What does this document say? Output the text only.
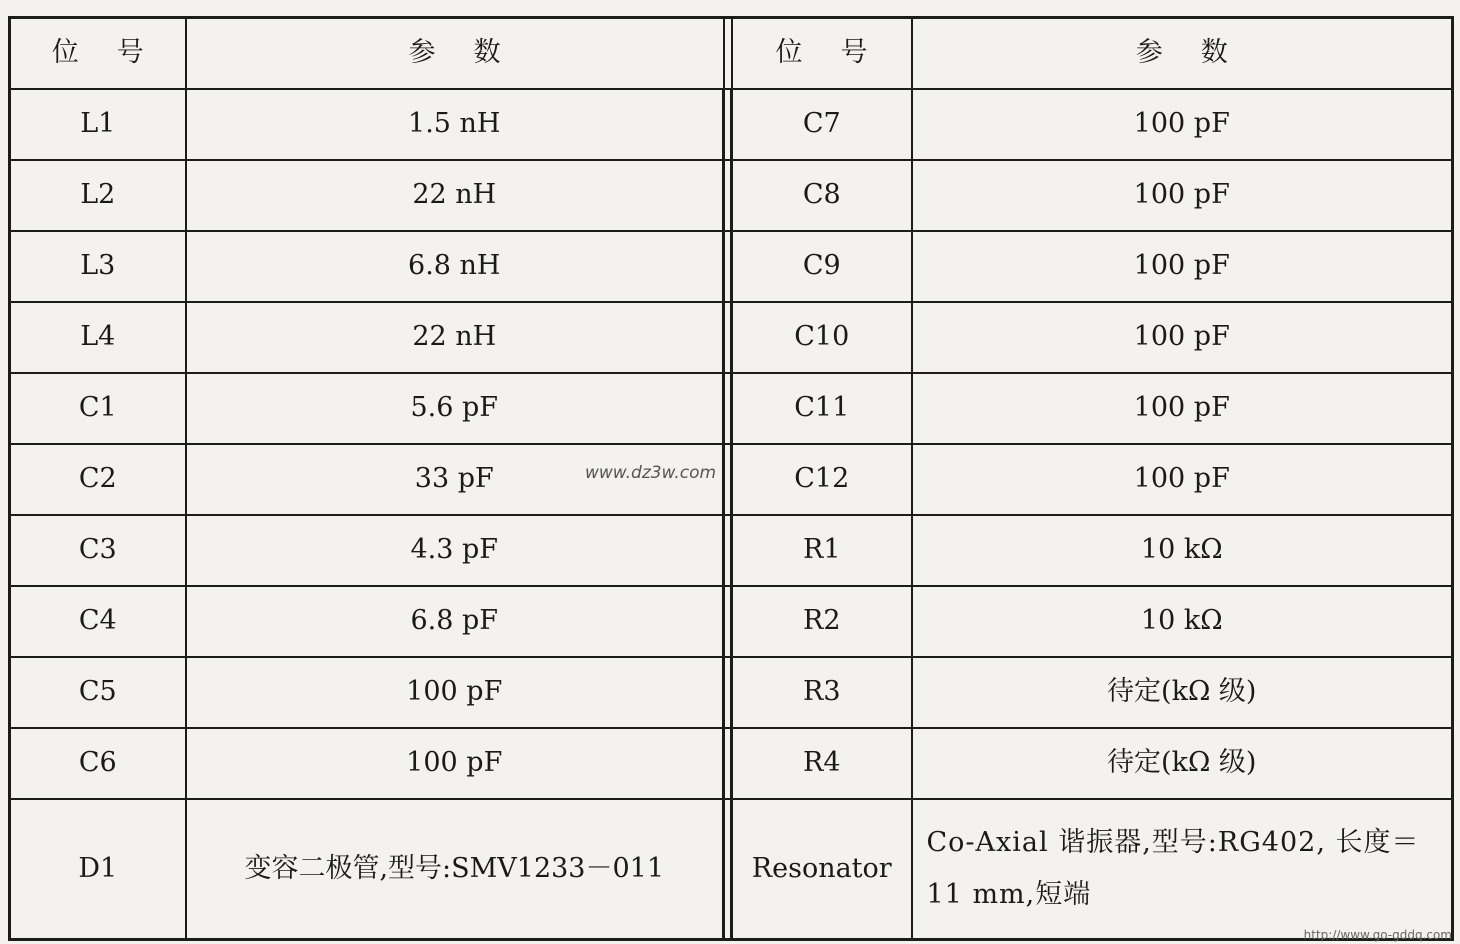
位号	参数		位号	参数
L1	1.5 nH		C7	100 pF
L2	22 nH		C8	100 pF
L3	6.8 nH		C9	100 pF
L4	22 nH		C10	100 pF
C1	5.6 pF		C11	100 pF
C2	33 pF		C12	100 pF
C3	4.3 pF		R1	10 kΩ
C4	6.8 pF		R2	10 kΩ
C5	100 pF		R3	待定(kΩ 级)
C6	100 pF		R4	待定(kΩ 级)
D1	变容二极管,型号:SMV1233－011		Resonator	Co-Axial 谐振器,型号:RG402, 长度＝ 11 mm,短端
www.dz3w.com
http://www.go-gddq.com
